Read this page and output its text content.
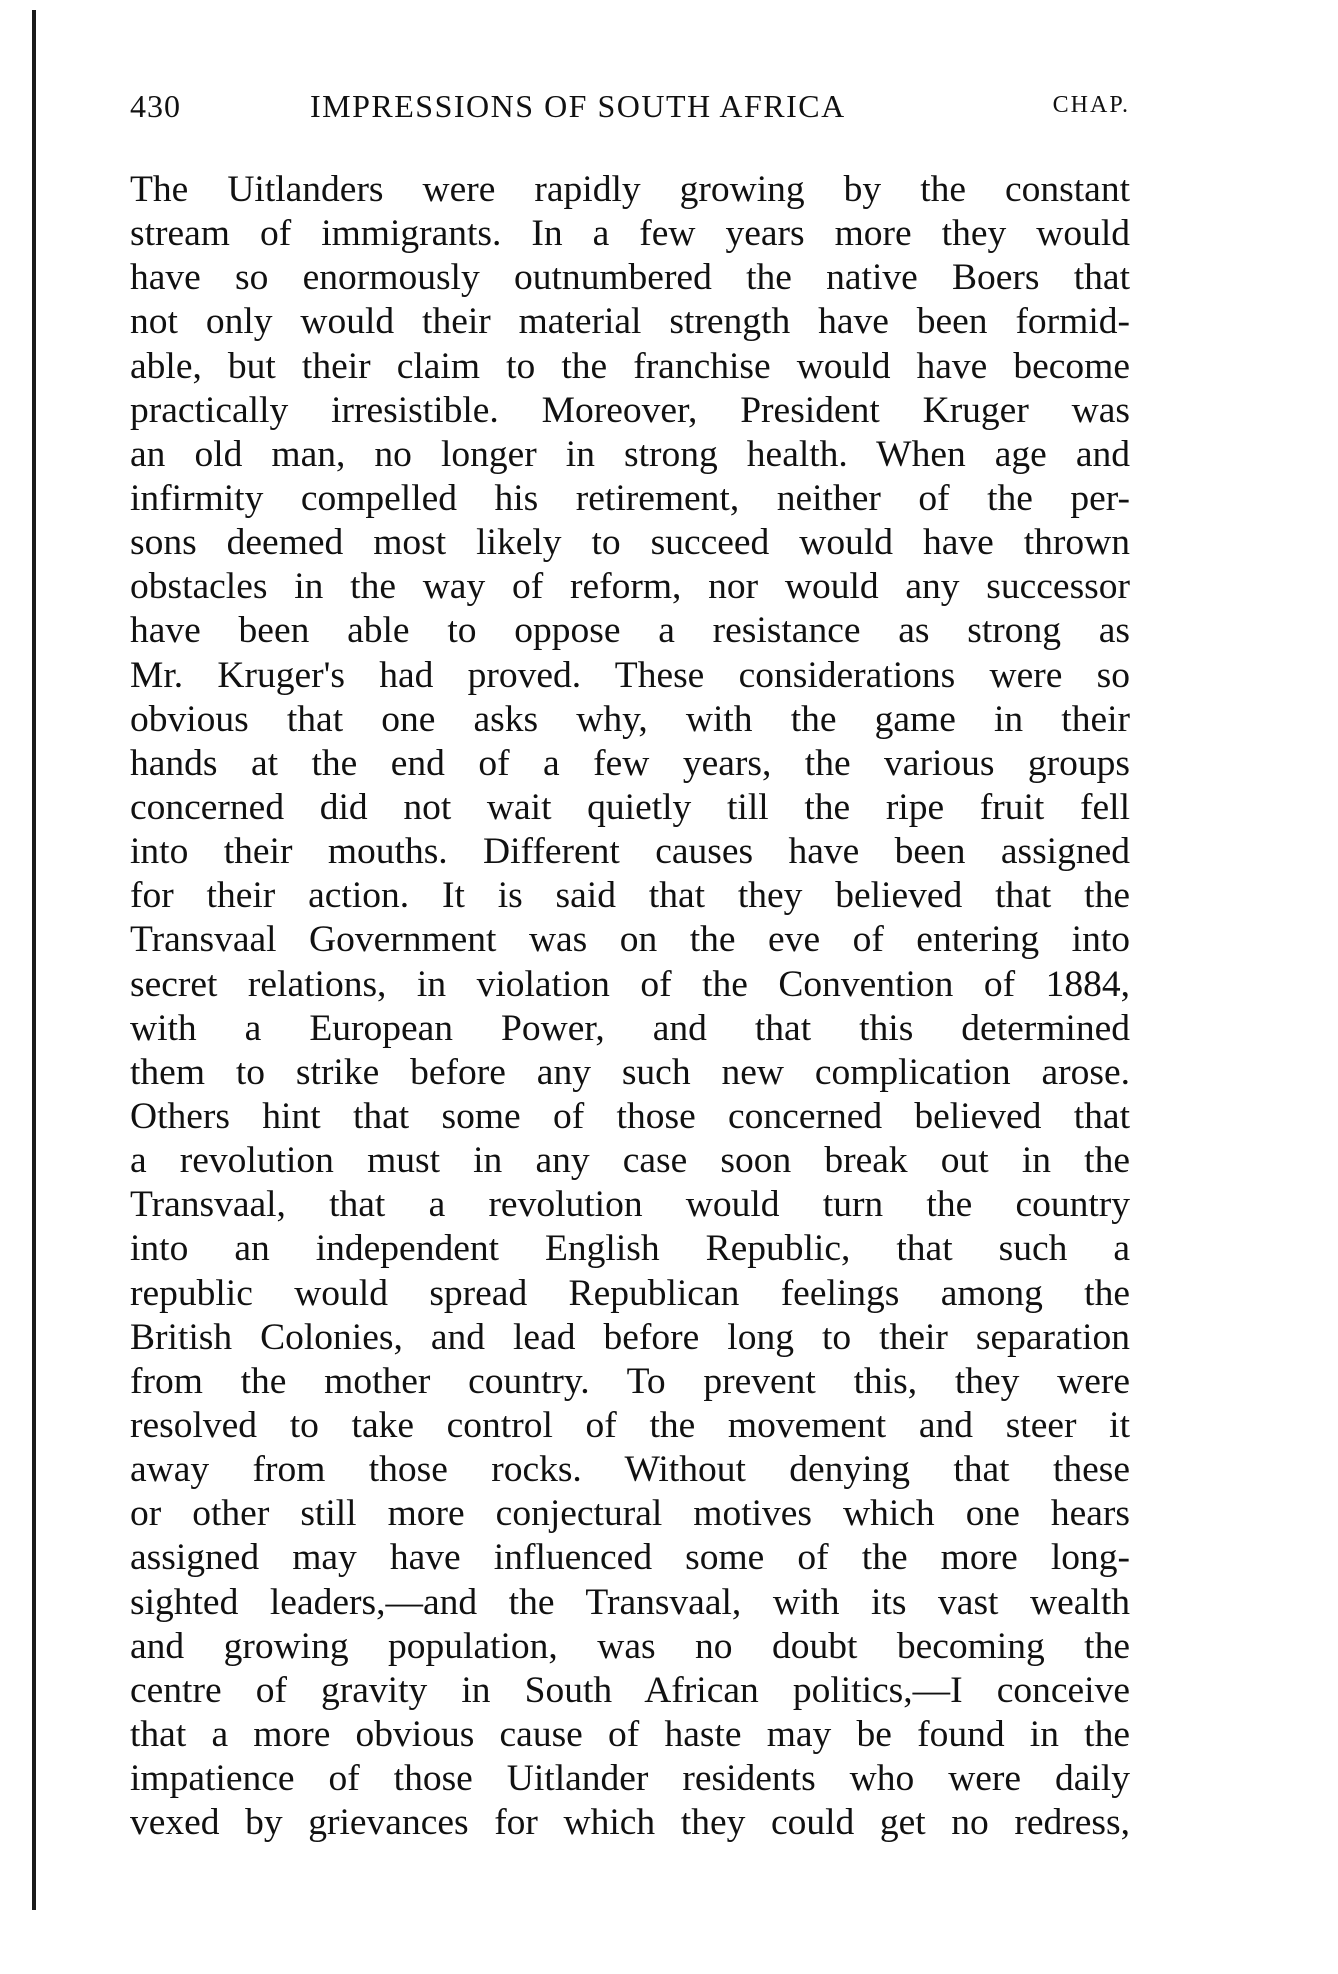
430	IMPRESSIONS OF SOUTH AFRICA	CHAP.
The Uitlanders were rapidly growing by the constant
stream of immigrants. In a few years more they would
have so enormously outnumbered the native Boers that
not only would their material strength have been formid-
able, but their claim to the franchise would have become
practically irresistible. Moreover, President Kruger was
an old man, no longer in strong health. When age and
infirmity compelled his retirement, neither of the per-
sons deemed most likely to succeed would have thrown
obstacles in the way of reform, nor would any successor
have been able to oppose a resistance as strong as
Mr. Kruger's had proved. These considerations were so
obvious that one asks why, with the game in their
hands at the end of a few years, the various groups
concerned did not wait quietly till the ripe fruit fell
into their mouths. Different causes have been assigned
for their action. It is said that they believed that the
Transvaal Government was on the eve of entering into
secret relations, in violation of the Convention of 1884,
with a European Power, and that this determined
them to strike before any such new complication arose.
Others hint that some of those concerned believed that
a revolution must in any case soon break out in the
Transvaal, that a revolution would turn the country
into an independent English Republic, that such a
republic would spread Republican feelings among the
British Colonies, and lead before long to their separation
from the mother country. To prevent this, they were
resolved to take control of the movement and steer it
away from those rocks. Without denying that these
or other still more conjectural motives which one hears
assigned may have influenced some of the more long-
sighted leaders,—and the Transvaal, with its vast wealth
and growing population, was no doubt becoming the
centre of gravity in South African politics,—I conceive
that a more obvious cause of haste may be found in the
impatience of those Uitlander residents who were daily
vexed by grievances for which they could get no redress,
